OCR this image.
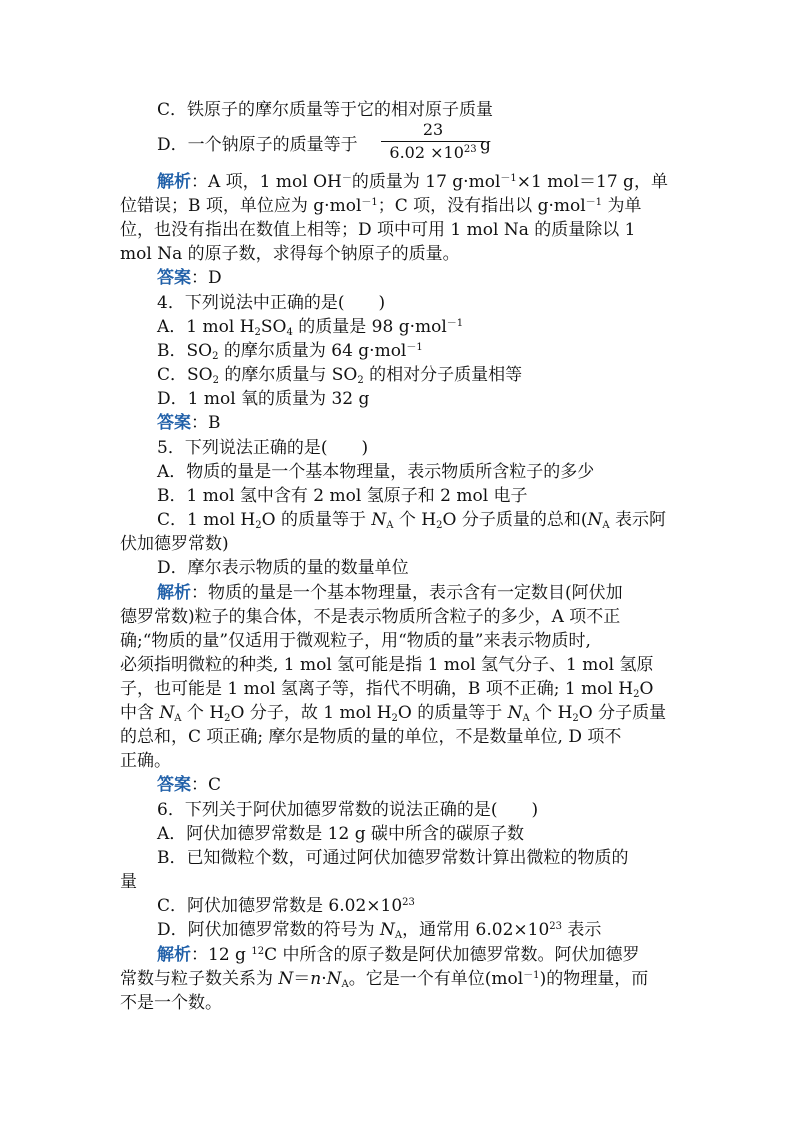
C．铁原子的摩尔质量等于它的相对原子质量
D．一个钠原子的质量等于
23
$6.02 \times 10^{23}$ g
解析：A 项，1 mol OH－的质量为 17 g·mol$^{-1}$×1 mol＝17 g，单
位错误；B 项，单位应为 g·mol$^{-1}$；C 项，没有指出以 g·mol$^{-1}$ 为单
位，也没有指出在数值上相等；D 项中可用 1 mol Na 的质量除以 1
mol Na 的原子数，求得每个钠原子的质量。
答案：D
4．下列说法中正确的是(　　)
A．1 mol $H_2SO_4$ 的质量是 98 g·mol$^{-1}$
B．$SO_2$ 的摩尔质量为 64 g·mol$^{-1}$
C．$SO_2$ 的摩尔质量与 $SO_2$ 的相对分子质量相等
D．1 mol 氧的质量为 32 g
答案：B
5．下列说法正确的是(　　)
A．物质的量是一个基本物理量，表示物质所含粒子的多少
B．1 mol 氢中含有 2 mol 氢原子和 2 mol 电子
C．1 mol $H_2O$ 的质量等于 $N_A$ 个 $H_2O$ 分子质量的总和($N_A$ 表示阿
伏加德罗常数)
D．摩尔表示物质的量的数量单位
解析：物质的量是一个基本物理量，表示含有一定数目(阿伏加
德罗常数)粒子的集合体，不是表示物质所含粒子的多少，A 项不正
确;“物质的量”仅适用于微观粒子，用“物质的量”来表示物质时,
必须指明微粒的种类, 1 mol 氢可能是指 1 mol 氢气分子、1 mol 氢原
子，也可能是 1 mol 氢离子等，指代不明确，B 项不正确; 1 mol $H_2O$
中含 $N_A$ 个 $H_2O$ 分子，故 1 mol $H_2O$ 的质量等于 $N_A$ 个 $H_2O$ 分子质量
的总和，C 项正确; 摩尔是物质的量的单位，不是数量单位, D 项不
正确。
答案：C
6．下列关于阿伏加德罗常数的说法正确的是(　　)
A．阿伏加德罗常数是 12 g 碳中所含的碳原子数
B．已知微粒个数，可通过阿伏加德罗常数计算出微粒的物质的
量
C．阿伏加德罗常数是 $6.02\times 10^{23}$
D．阿伏加德罗常数的符号为 $N_A$，通常用 $6.02\times 10^{23}$ 表示
解析：12 g $^{12}$C 中所含的原子数是阿伏加德罗常数。阿伏加德罗
常数与粒子数关系为 $N=n\cdot N_A$。它是一个有单位(mol$^{-1}$)的物理量，而
不是一个数。
